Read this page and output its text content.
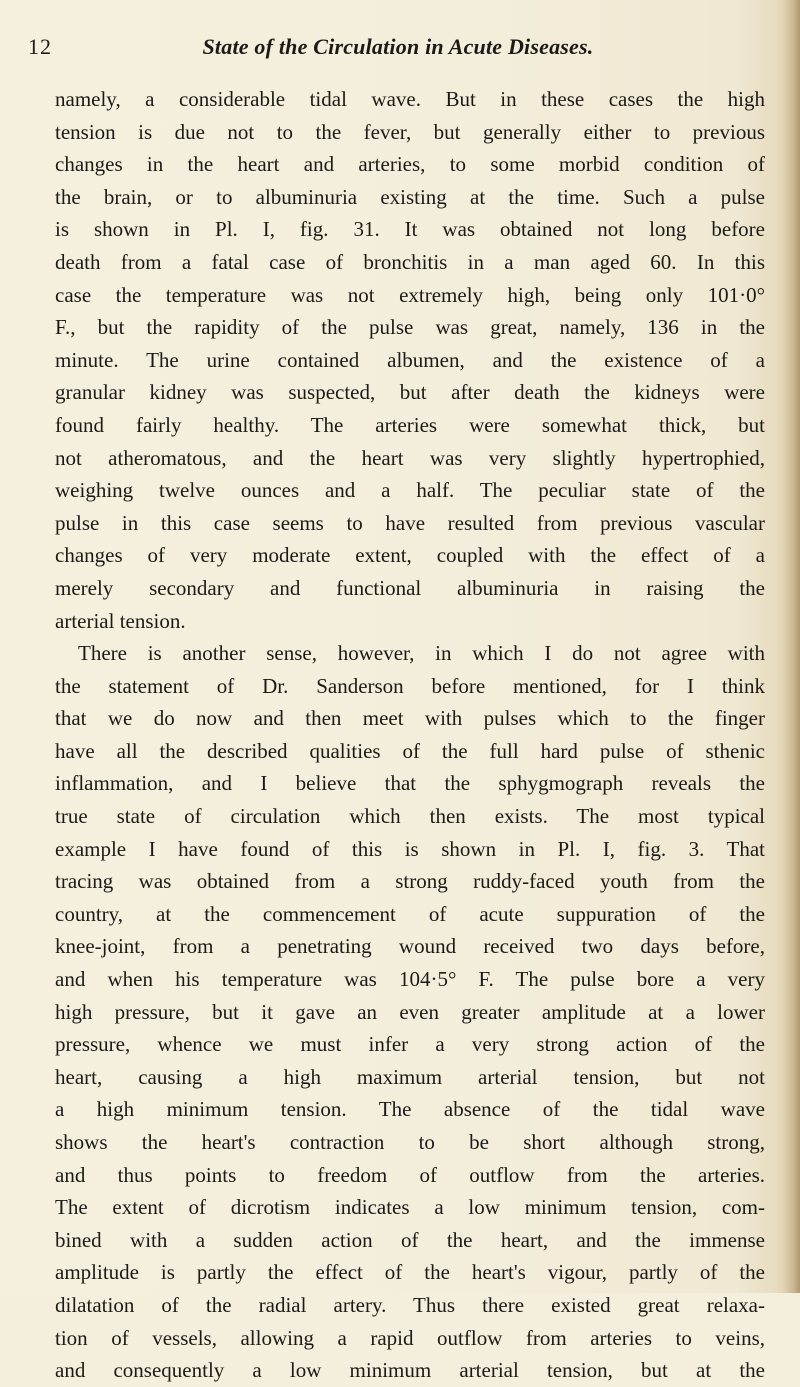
State of the Circulation in Acute Diseases.
12
namely, a considerable tidal wave. But in these cases the high
tension is due not to the fever, but generally either to previous
changes in the heart and arteries, to some morbid condition of
the brain, or to albuminuria existing at the time. Such a pulse
is shown in Pl. I, fig. 31. It was obtained not long before
death from a fatal case of bronchitis in a man aged 60. In this
case the temperature was not extremely high, being only 101·0°
F., but the rapidity of the pulse was great, namely, 136 in the
minute. The urine contained albumen, and the existence of a
granular kidney was suspected, but after death the kidneys were
found fairly healthy. The arteries were somewhat thick, but
not atheromatous, and the heart was very slightly hypertrophied,
weighing twelve ounces and a half. The peculiar state of the
pulse in this case seems to have resulted from previous vascular
changes of very moderate extent, coupled with the effect of a
merely secondary and functional albuminuria in raising the
arterial tension.
There is another sense, however, in which I do not agree with
the statement of Dr. Sanderson before mentioned, for I think
that we do now and then meet with pulses which to the finger
have all the described qualities of the full hard pulse of sthenic
inflammation, and I believe that the sphygmograph reveals the
true state of circulation which then exists. The most typical
example I have found of this is shown in Pl. I, fig. 3. That
tracing was obtained from a strong ruddy-faced youth from the
country, at the commencement of acute suppuration of the
knee-joint, from a penetrating wound received two days before,
and when his temperature was 104·5° F. The pulse bore a very
high pressure, but it gave an even greater amplitude at a lower
pressure, whence we must infer a very strong action of the
heart, causing a high maximum arterial tension, but not
a high minimum tension. The absence of the tidal wave
shows the heart's contraction to be short although strong,
and thus points to freedom of outflow from the arteries.
The extent of dicrotism indicates a low minimum tension, com-
bined with a sudden action of the heart, and the immense
amplitude is partly the effect of the heart's vigour, partly of the
dilatation of the radial artery. Thus there existed great relaxa-
tion of vessels, allowing a rapid outflow from arteries to veins,
and consequently a low minimum arterial tension, but at the
